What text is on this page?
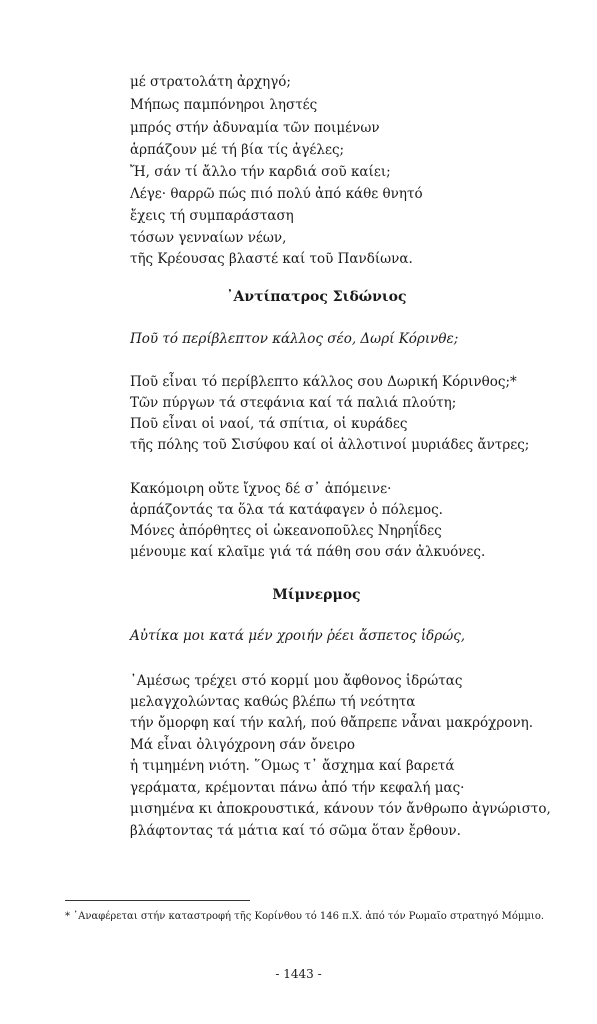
μέ στρατολάτη ἀρχηγό;
Μήπως παμπόνηροι ληστές
μπρός στήν ἀδυναμία τῶν ποιμένων
ἁρπάζουν μέ τή βία τίς ἀγέλες;
Ἤ, σάν τί ἄλλο τήν καρδιά σοῦ καίει;
Λέγε· θαρρῶ πώς πιό πολύ ἀπό κάθε θνητό
ἔχεις τή συμπαράσταση
τόσων γενναίων νέων,
τῆς Κρέουσας βλαστέ καί τοῦ Πανδίωνα.
᾽Αντίπατρος Σιδώνιος
Ποῦ τό περίβλεπτον κάλλος σέο, Δωρί Κόρινθε;
Ποῦ εἶναι τό περίβλεπτο κάλλος σου Δωρική Κόρινθος;*
Τῶν πύργων τά στεφάνια καί τά παλιά πλούτη;
Ποῦ εἶναι οἱ ναοί, τά σπίτια, οἱ κυράδες
τῆς πόλης τοῦ Σισύφου καί οἱ ἀλλοτινοί μυριάδες ἄντρες;
Κακόμοιρη οὔτε ἴχνος δέ σ᾽ ἀπόμεινε·
ἁρπάζοντάς τα ὅλα τά κατάφαγεν ὁ πόλεμος.
Μόνες ἀπόρθητες οἱ ὠκεανοποῦλες Νηρηΐδες
μένουμε καί κλαῖμε γιά τά πάθη σου σάν ἀλκυόνες.
Μίμνερμος
Αὐτίκα μοι κατά μέν χροιήν ῥέει ἄσπετος ἱδρώς,
᾽Αμέσως τρέχει στό κορμί μου ἄφθονος ἱδρώτας
μελαγχολώντας καθώς βλέπω τή νεότητα
τήν ὄμορφη καί τήν καλή, πού θἄπρεπε νἆναι μακρόχρονη.
Μά εἶναι ὀλιγόχρονη σάν ὄνειρο
ἡ τιμημένη νιότη. ῞Ομως τ᾽ ἄσχημα καί βαρετά
γεράματα, κρέμονται πάνω ἀπό τήν κεφαλή μας·
μισημένα κι ἀποκρουστικά, κάνουν τόν ἄνθρωπο ἀγνώριστο,
βλάφτοντας τά μάτια καί τό σῶμα ὅταν ἔρθουν.
* ᾽Αναφέρεται στήν καταστροφή τῆς Κορίνθου τό 146 π.Χ. ἀπό τόν Ρωμαῖο στρατηγό Μόμμιο.
- 1443 -
